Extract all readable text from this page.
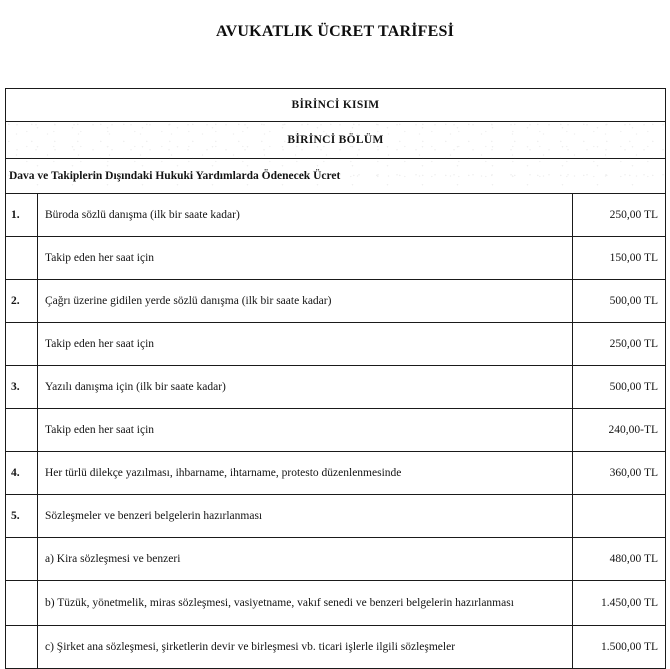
AVUKATLIK ÜCRET TARİFESİ
BİRİNCİ KISIM		
BİRİNCİ BÖLÜM		
Dava ve Takiplerin Dışındaki Hukuki Yardımlarda Ödenecek Ücret		
1.	Büroda sözlü danışma (ilk bir saate kadar)	250,00 TL
	Takip eden her saat için	150,00 TL
2.	Çağrı üzerine gidilen yerde sözlü danışma (ilk bir saate kadar)	500,00 TL
	Takip eden her saat için	250,00 TL
3.	Yazılı danışma için (ilk bir saate kadar)	500,00 TL
	Takip eden her saat için	240,00-TL
4.	Her türlü dilekçe yazılması, ihbarname, ihtarname, protesto düzenlenmesinde	360,00 TL
5.	Sözleşmeler ve benzeri belgelerin hazırlanması	
	a) Kira sözleşmesi ve benzeri	480,00 TL
	b) Tüzük, yönetmelik, miras sözleşmesi, vasiyetname, vakıf senedi ve benzeri belgelerin hazırlanması	1.450,00 TL
	c) Şirket ana sözleşmesi, şirketlerin devir ve birleşmesi vb. ticari işlerle ilgili sözleşmeler	1.500,00 TL
